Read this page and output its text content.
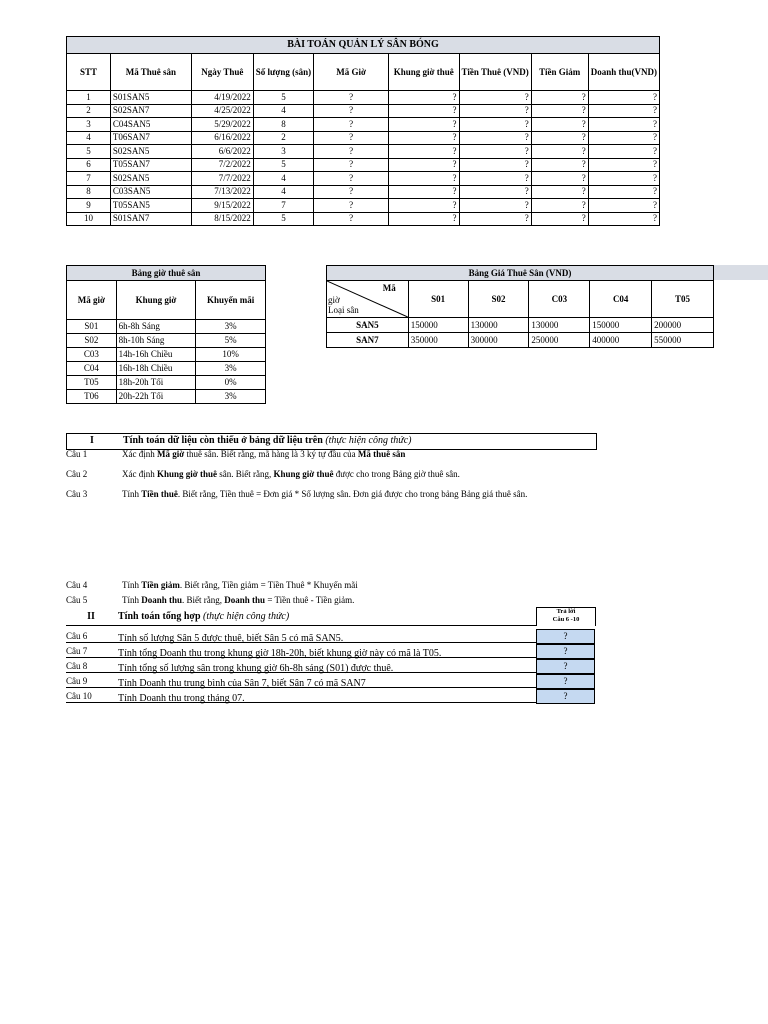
BÀI TOÁN QUẢN LÝ SÂN BÓNG								
STT	Mã Thuê sân	Ngày Thuê	Số lượng (sân)	Mã Giờ	Khung giờ thuê	Tiền Thuê (VND)	Tiền Giảm	Doanh thu(VND)
1	S01SAN5	4/19/2022	5	?	?	?	?	?
2	S02SAN7	4/25/2022	4	?	?	?	?	?
3	C04SAN5	5/29/2022	8	?	?	?	?	?
4	T06SAN7	6/16/2022	2	?	?	?	?	?
5	S02SAN5	6/6/2022	3	?	?	?	?	?
6	T05SAN7	7/2/2022	5	?	?	?	?	?
7	S02SAN5	7/7/2022	4	?	?	?	?	?
8	C03SAN5	7/13/2022	4	?	?	?	?	?
9	T05SAN5	9/15/2022	7	?	?	?	?	?
10	S01SAN7	8/15/2022	5	?	?	?	?	?
Bảng giờ thuê sân		
Mã giờ	Khung giờ	Khuyến mãi
S01	6h-8h Sáng	3%
S02	8h-10h Sáng	5%
C03	14h-16h Chiều	10%
C04	16h-18h Chiều	3%
T05	18h-20h Tối	0%
T06	20h-22h Tối	3%
Bảng Giá Thuê Sân (VND)					

Mã
giờ
Loại sân	S01	S02	C03	C04	T05
SAN5	150000	130000	130000	150000	200000
SAN7	350000	300000	250000	400000	550000
I	Tính toán dữ liệu còn thiếu ở bảng dữ liệu trên (thực hiện công thức)
Câu 1	Xác định Mã giờ thuê sân. Biết rằng, mã hàng là 3 ký tự đầu của Mã thuê sân
Câu 2	Xác định Khung giờ thuê sân. Biết rằng, Khung giờ thuê được cho trong Bảng giờ thuê sân.
Câu 3	Tính Tiền thuê. Biết rằng, Tiền thuê = Đơn giá * Số lượng sân. Đơn giá được cho trong bảng Bảng giá thuê sân.
Câu 4	Tính Tiền giảm. Biết rằng, Tiền giảm = Tiền Thuê * Khuyến mãi
Câu 5	Tính Doanh thu. Biết rằng, Doanh thu = Tiền thuê - Tiền giảm.
II	Tính toán tổng hợp (thực hiện công thức)	Trả lời
Câu 6 -10
Câu 6	Tính số lượng Sân 5 được thuê, biết Sân 5 có mã SAN5.	?
Câu 7	Tính tổng Doanh thu trong khung giờ 18h-20h, biết khung giờ này có mã là T05.	?
Câu 8	Tính tổng số lượng sân trong khung giờ 6h-8h sáng (S01) được thuê.	?
Câu 9	Tính Doanh thu trung bình của Sân 7, biết Sân 7 có mã SAN7	?
Câu 10	Tính Doanh thu trong tháng 07.	?
